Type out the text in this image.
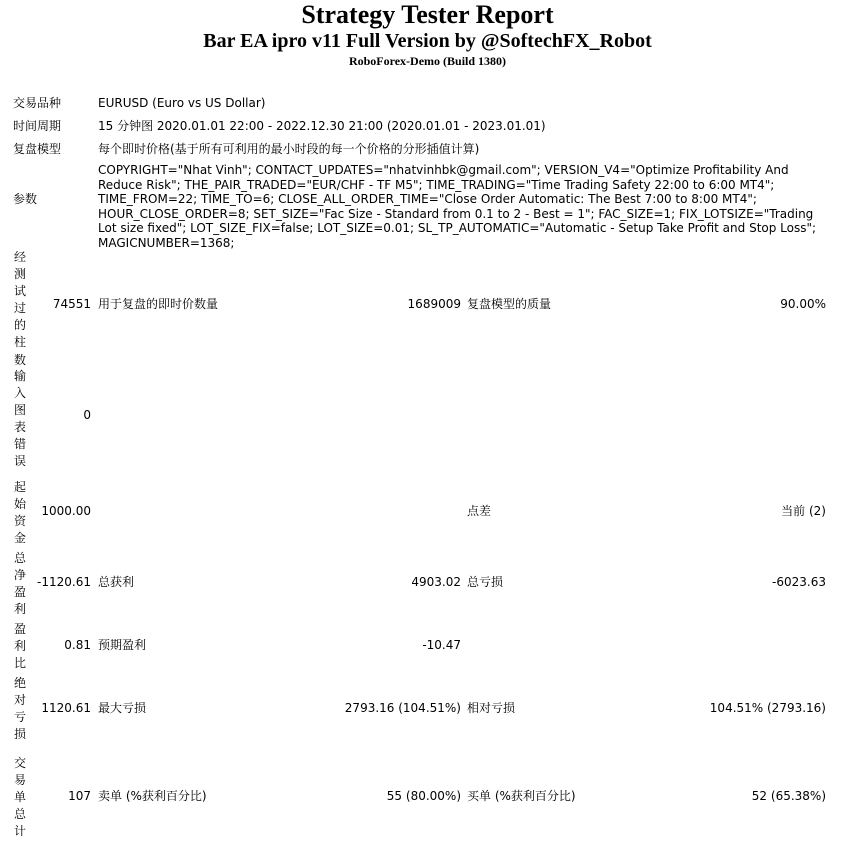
Strategy Tester Report
Bar EA ipro v11 Full Version by @SoftechFX_Robot
RoboForex-Demo (Build 1380)
交易品种	EURUSD (Euro vs US Dollar)
时间周期	15 分钟图 2020.01.01 22:00 - 2022.12.30 21:00 (2020.01.01 - 2023.01.01)
复盘模型	每个即时价格(基于所有可利用的最小时段的每一个价格的分形插值计算)
参数
COPYRIGHT="Nhat Vinh"; CONTACT_UPDATES="nhatvinhbk@gmail.com"; VERSION_V4="Optimize Profitability And Reduce Risk"; THE_PAIR_TRADED="EUR/CHF - TF M5"; TIME_TRADING="Time Trading Safety 22:00 to 6:00 MT4"; TIME_FROM=22; TIME_TO=6; CLOSE_ALL_ORDER_TIME="Close Order Automatic: The Best 7:00 to 8:00 MT4"; HOUR_CLOSE_ORDER=8; SET_SIZE="Fac Size - Standard from 0.1 to 2 - Best = 1"; FAC_SIZE=1; FIX_LOTSIZE="Trading Lot size fixed"; LOT_SIZE_FIX=false; LOT_SIZE=0.01; SL_TP_AUTOMATIC="Automatic - Setup Take Profit and Stop Loss"; MAGICNUMBER=1368;
经测试过的柱数
74551 用于复盘的即时价数量	1689009 复盘模型的质量	90.00%
输入图表错误
0
起始资金
1000.00	点差	当前 (2)
总净盈利
-1120.61 总获利	4903.02 总亏损	-6023.63
盈利比
0.81 预期盈利	-10.47
绝对亏损
1120.61 最大亏损	2793.16 (104.51%) 相对亏损	104.51% (2793.16)
交易单总计
107 卖单 (%获利百分比)	55 (80.00%) 买单 (%获利百分比)	52 (65.38%)
